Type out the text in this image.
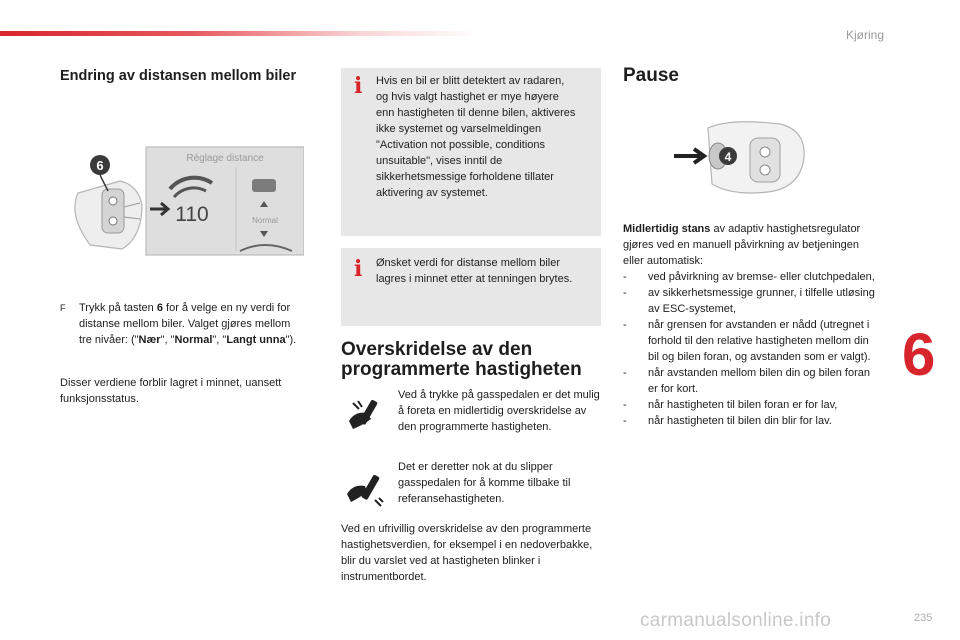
Kjøring
6
235
carmanualsonline.info
Endring av distansen mellom biler
6	Réglage distance
110	Normal
F	Trykk på tasten 6 for å velge en ny verdi for distanse mellom biler. Valget gjøres mellom tre nivåer: ("Nær", "Normal", "Langt unna").
Disser verdiene forblir lagret i minnet, uansett funksjonsstatus.
i Hvis en bil er blitt detektert av radaren, og hvis valgt hastighet er mye høyere enn hastigheten til denne bilen, aktiveres ikke systemet og varselmeldingen "Activation not possible, conditions unsuitable", vises inntil de sikkerhetsmessige forholdene tillater aktivering av systemet.
i Ønsket verdi for distanse mellom biler lagres i minnet etter at tenningen brytes.
Overskridelse av den programmerte hastigheten
Ved å trykke på gasspedalen er det mulig å foreta en midlertidig overskridelse av den programmerte hastigheten.
Det er deretter nok at du slipper gasspedalen for å komme tilbake til referansehastigheten.
Ved en ufrivillig overskridelse av den programmerte hastighetsverdien, for eksempel i en nedoverbakke, blir du varslet ved at hastigheten blinker i instrumentbordet.
Pause
4
Midlertidig stans av adaptiv hastighetsregulator gjøres ved en manuell påvirkning av betjeningen eller automatisk:
- ved påvirkning av bremse- eller clutchpedalen,
- av sikkerhetsmessige grunner, i tilfelle utløsing av ESC-systemet,
- når grensen for avstanden er nådd (utregnet i forhold til den relative hastigheten mellom din bil og bilen foran, og avstanden som er valgt).
- når avstanden mellom bilen din og bilen foran er for kort.
- når hastigheten til bilen foran er for lav,
- når hastigheten til bilen din blir for lav.
